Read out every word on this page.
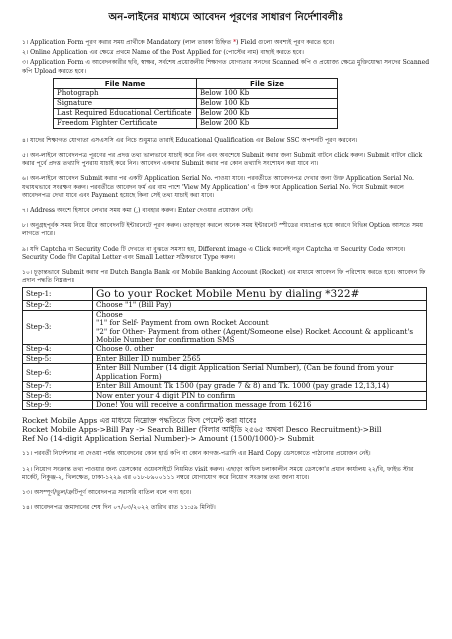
অন-লাইনের মাধ্যমে আবেদন পূরণের সাধারণ নির্দেশাবলীঃ
১। Application Form পূরণ করার সময় প্রার্থীকে Mandatory (লাল তারকা চিহ্নিত *) Field গুলো অবশ্যই পূরণ করতে হবে।
২। Online Application এর ক্ষেত্রে প্রথমে Name of the Post Applied for (পোস্টের নাম) বাছাই করতে হবে।
৩। Application Form এ আবেদনকারীর ছবি, স্বাক্ষর, সর্বশেষ প্রয়োজনীয় শিক্ষাগত যোগ্যতার সনদের Scanned কপি ও প্রয়োজ্য ক্ষেত্রে মুক্তিযোদ্ধা সনদের Scanned কপি Upload করতে হবে।
File Name	File Size
Photograph	Below 100 Kb
Signature	Below 100 Kb
Last Required Educational Certificate	Below 200 Kb
Freedom Fighter Certificate	Below 200 Kb
৪। যাদের শিক্ষাগত যোগ্যতা এসএসসি এর নিচে শুধুমাত্র তারাই Educational Qualification এর Below SSC অপশনটি পূরণ করবেন।
৫। অন-লাইনে আবেদনপত্র পূরণের পর প্রদত্ত তথ্য ভালভাবে যাচাই করে নিন এবং অবশেষে Submit করার জন্য Submit বাটনে click করুন। Submit বাটনে click করার পূর্বে প্রদত্ত তথ্যাদি পুনরায় যাচাই করে নিন। আবেদন একবার Submit করার পর কোন তথ্যাদি সংশোধন করা যাবে না।
৬। অন-লাইনে আবেদন Submit করার পর একটি Application Serial No. পাওয়া যাবে। পরবর্তীতে আবেদনপত্র দেখার জন্য উক্ত Application Serial No. যথাযথভাবে সংরক্ষণ করুন। পরবর্তীতে আবেদন ফর্ম এর বাম পাশে 'View My Application' এ ক্লিক করে Application Serial No. দিয়ে Submit করলে আবেদনপত্র দেখা যাবে এবং Payment হয়েছে কিনা সেই তথ্য যাচাই করা যাবে।
৭। Address অংশে হিসাবে লেখার সময় কমা (,) ব্যবহার করুন। Enter দেওয়ার প্রয়োজন নেই।
৮। অনুগ্রহপূর্বক সময় নিয়ে ধীরে আবেদনটি ইন্টারনেটে পূরণ করুন। তাড়াহুড়া করলে অনেক সময় ইন্টারনেট স্পীডের বাধাপ্রাপ্ত হয়ে কারণে বিভিন্ন Option আসতে সময় লাগতে পারে।
৯। যদি Captcha বা Security Code টি দেখতে বা বুঝতে সমস্যা হয়, Different image এ Click করলেই নতুন Captcha বা Security Code আসবে। Security Code টির Capital Letter এবং Small Letter সঠিকভাবে Type করুন।
১০। চূড়ান্তভাবে Submit করার পর Dutch Bangla Bank এর Mobile Banking Account (Rocket) এর মাধ্যমে আবেদন ফি পরিশোধ করতে হবে। আবেদন ফি প্রদান পদ্ধতি নিম্নরূপঃ
Step-1:	Go to your Rocket Mobile Menu by dialing *322#
Step-2:	Choose "1" (Bill Pay)
Step-3:	Choose
"1" for Self- Payment from own Rocket Account
"2" for Other- Payment from other (Agent/Someone else) Rocket Account & applicant's Mobile Number for confirmation SMS

Step-4:	Choose 0. other
Step-5:	Enter Biller ID number 2565
Step-6:	Enter Bill Number (14 digit Application Serial Number), (Can be found from your Application Form)
Step-7:	Enter Bill Amount Tk 1500 (pay grade 7 & 8) and Tk. 1000 (pay grade 12,13,14)
Step-8:	Now enter your 4 digit PIN to confirm
Step-9:	Done! You will receive a confirmation message from 16216
Rocket Mobile Apps এর মাধ্যমে নিম্নোক্ত পদ্ধতিতে ফিস পেমেন্ট করা যাবেঃ
Rocket Mobile Apps->Bill Pay -> Search Biller (বিলার আইডি ২৫৬৫ অথবা Desco Recruitment)->Bill
Ref No (14-digit Application Serial Number)-> Amount (1500/1000)-> Submit
১১। পরবর্তী নির্দেশনার না দেওয়া পর্যন্ত আবেদনের কোন হার্ড কপি বা কোন কাগজ-পত্রাদি এর Hard Copy ডেসকোতে পাঠানোর প্রয়োজন নেই।
১২। নিয়োগ সংক্রান্ত তথ্য পাওয়ার জন্য ডেসকোর ওয়েবসাইটে নিয়মিত visit করুন। এছাড়া অফিস চলাকালীন সময়ে ডেসকো'র প্রধান কার্যালয় ২২/বি, ফাইভ স্টার মার্কেট, নিকুঞ্জ-২, খিলক্ষেত, ঢাকা-১২২৯ এর ০১৮-৮৯০০১১১ নম্বরে যোগাযোগ করে নিয়োগ সংক্রান্ত তথ্য জানা যাবে।
১৩। অসম্পূর্ণ/ভুল/ত্রুটিপূর্ণ আবেদনপত্র সরাসরি বাতিল বলে গণ্য হবে।
১৪। আবেদনপত্র জমাদানের শেষ দিন ০৭/০৩/২০২২ তারিখ রাত ১১:৫৯ মিনিট।
